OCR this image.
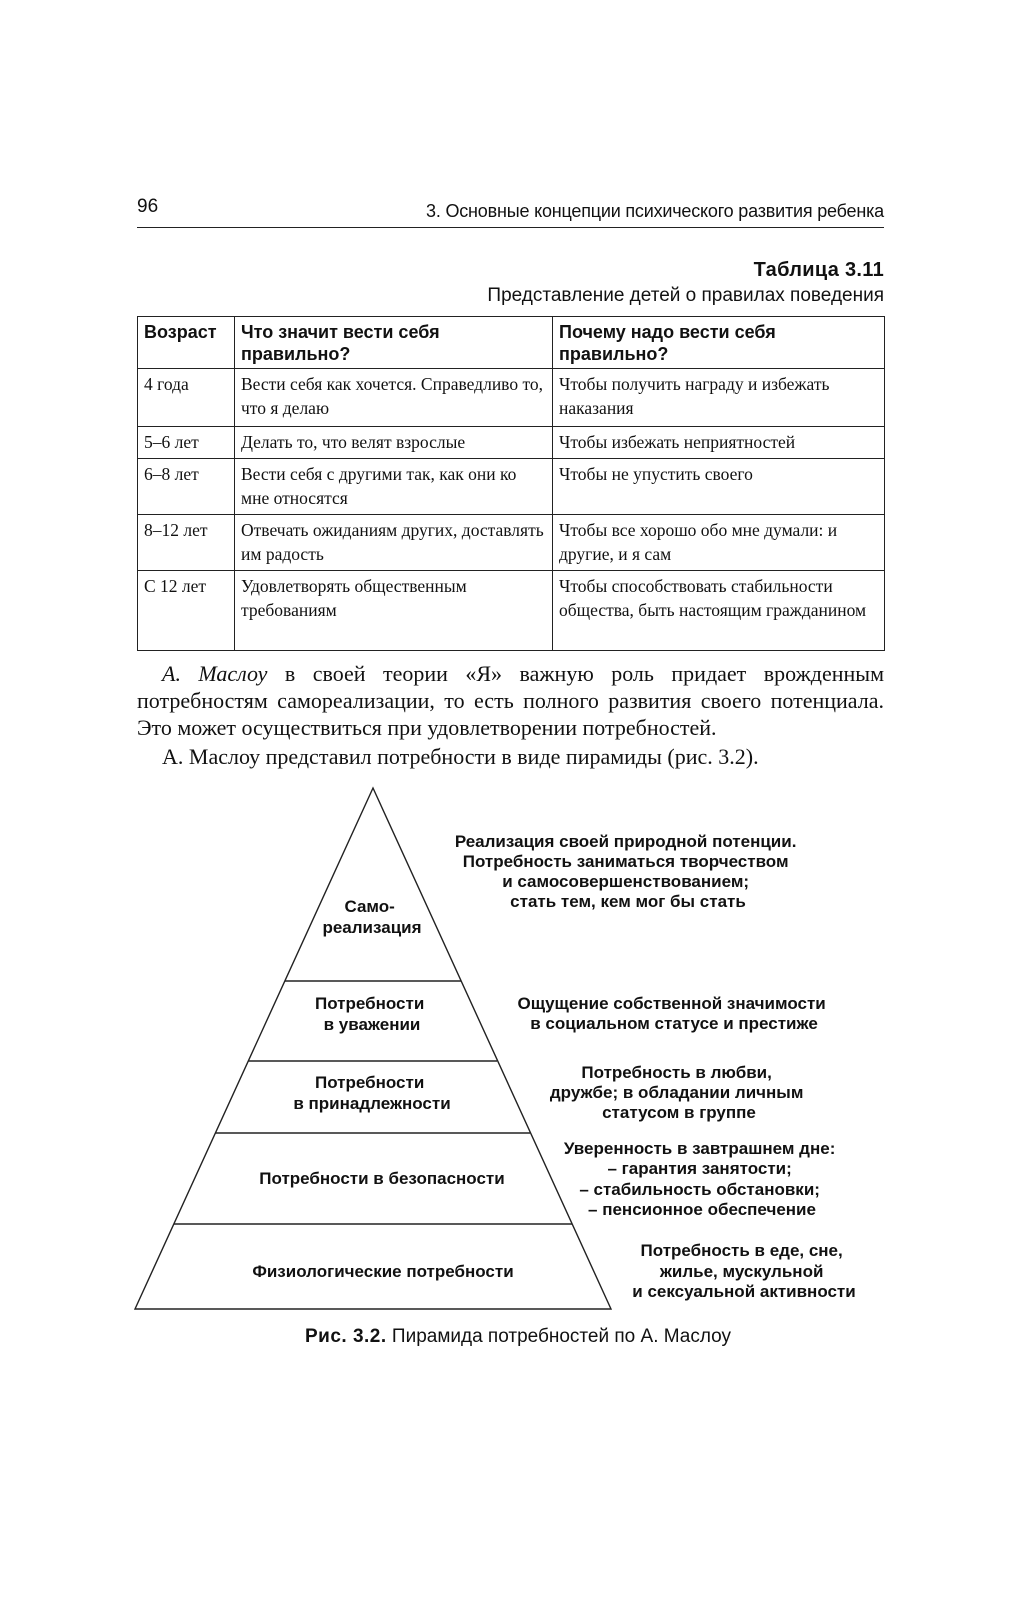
96	3. Основные концепции психического развития ребенка
Таблица 3.11
Представление детей о правилах поведения
Возраст	Что значит вести себя правильно?	Почему надо вести себя правильно?
4 года	Вести себя как хочется. Справедливо то, что я делаю	Чтобы получить награду и избежать наказания
5–6 лет	Делать то, что велят взрослые	Чтобы избежать неприятностей
6–8 лет	Вести себя с другими так, как они ко мне относятся	Чтобы не упустить своего
8–12 лет	Отвечать ожиданиям других, доставлять им радость	Чтобы все хорошо обо мне думали: и другие, и я сам
С 12 лет	Удовлетворять общественным требованиям	Чтобы способствовать стабильности общества, быть настоящим гражданином
А. Маслоу в своей теории «Я» важную роль придает врожденным потребностям самореализации, то есть полного развития своего потенциала. Это может осуществиться при удовлетворении потребностей.
А. Маслоу представил потребности в виде пирамиды (рис. 3.2).
Само- реализация
Потребности в уважении
Потребности в принадлежности
Потребности в безопасности
Физиологические потребности
Реализация своей природной потенции. Потребность заниматься творчеством и самосовершенствованием; стать тем, кем мог бы стать
Ощущение собственной значимости в социальном статусе и престиже
Потребность в любви, дружбе; в обладании личным статусом в группе
Уверенность в завтрашнем дне: – гарантия занятости; – стабильность обстановки; – пенсионное обеспечение
Потребность в еде, сне, жилье, мускульной и сексуальной активности
Рис. 3.2. Пирамида потребностей по А. Маслоу
